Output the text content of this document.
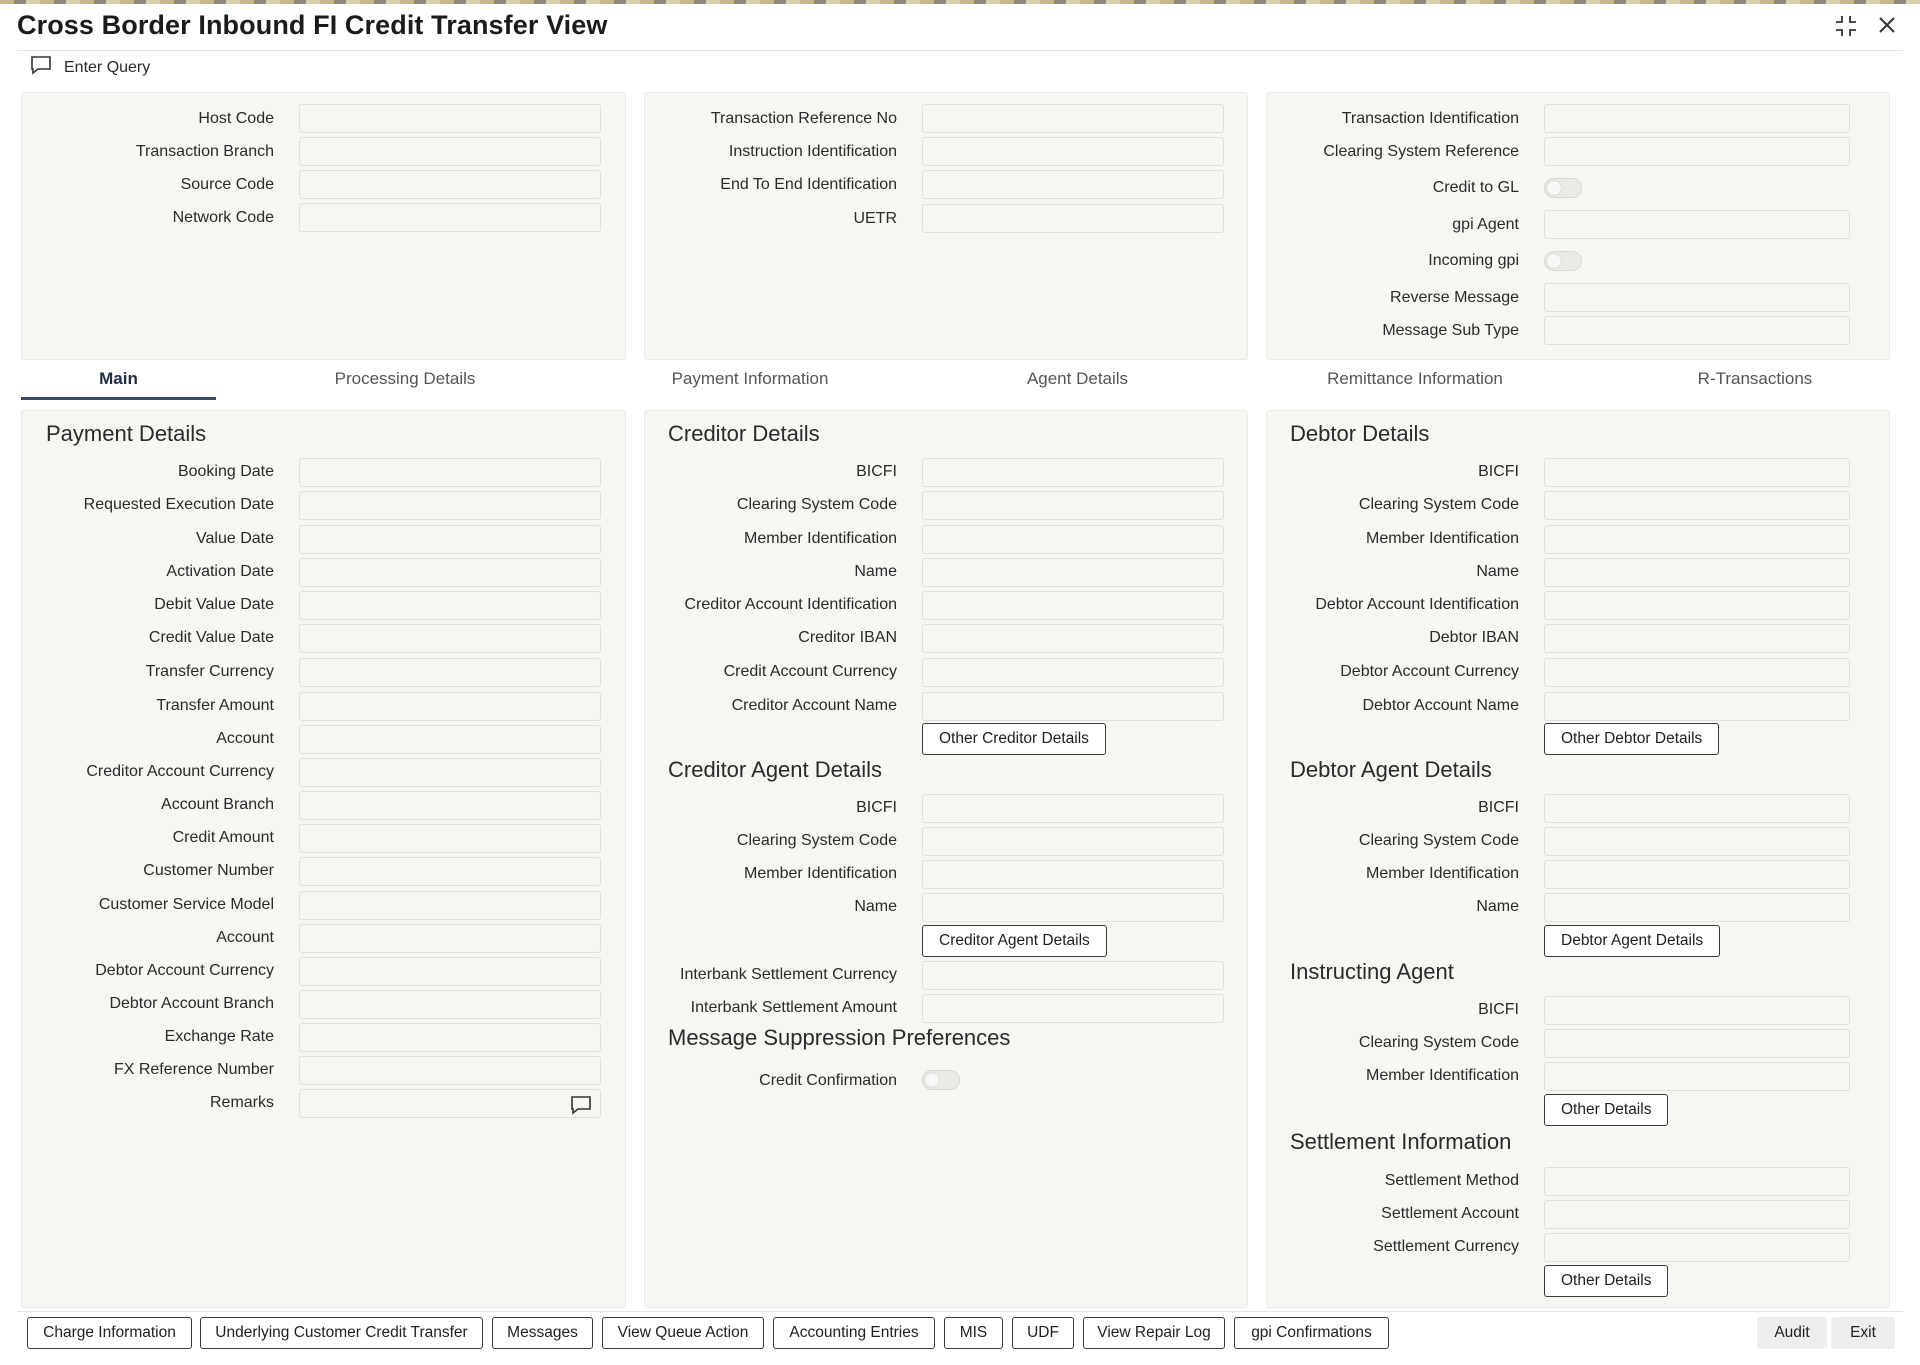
Cross Border Inbound FI Credit Transfer View
Enter Query
Host Code
Transaction Branch
Source Code
Network Code
Transaction Reference No
Instruction Identification
End To End Identification
UETR
Transaction Identification
Clearing System Reference
Credit to GL
gpi Agent
Incoming gpi
Reverse Message
Message Sub Type
Main	Processing Details	Payment Information	Agent Details	Remittance Information	R-Transactions
Payment Details
Booking Date
Requested Execution Date
Value Date
Activation Date
Debit Value Date
Credit Value Date
Transfer Currency
Transfer Amount
Account
Creditor Account Currency
Account Branch
Credit Amount
Customer Number
Customer Service Model
Account
Debtor Account Currency
Debtor Account Branch
Exchange Rate
FX Reference Number
Remarks
Creditor Details
BICFI
Clearing System Code
Member Identification
Name
Creditor Account Identification
Creditor IBAN
Credit Account Currency
Creditor Account Name
Other Creditor Details
Creditor Agent Details
BICFI
Clearing System Code
Member Identification
Name
Creditor Agent Details
Interbank Settlement Currency
Interbank Settlement Amount
Message Suppression Preferences
Credit Confirmation
Debtor Details
BICFI
Clearing System Code
Member Identification
Name
Debtor Account Identification
Debtor IBAN
Debtor Account Currency
Debtor Account Name
Other Debtor Details
Debtor Agent Details
BICFI
Clearing System Code
Member Identification
Name
Debtor Agent Details
Instructing Agent
BICFI
Clearing System Code
Member Identification
Other Details
Settlement Information
Settlement Method
Settlement Account
Settlement Currency
Other Details
Charge Information	Underlying Customer Credit Transfer	Messages	View Queue Action	Accounting Entries	MIS	UDF	View Repair Log	gpi Confirmations	Audit	Exit
